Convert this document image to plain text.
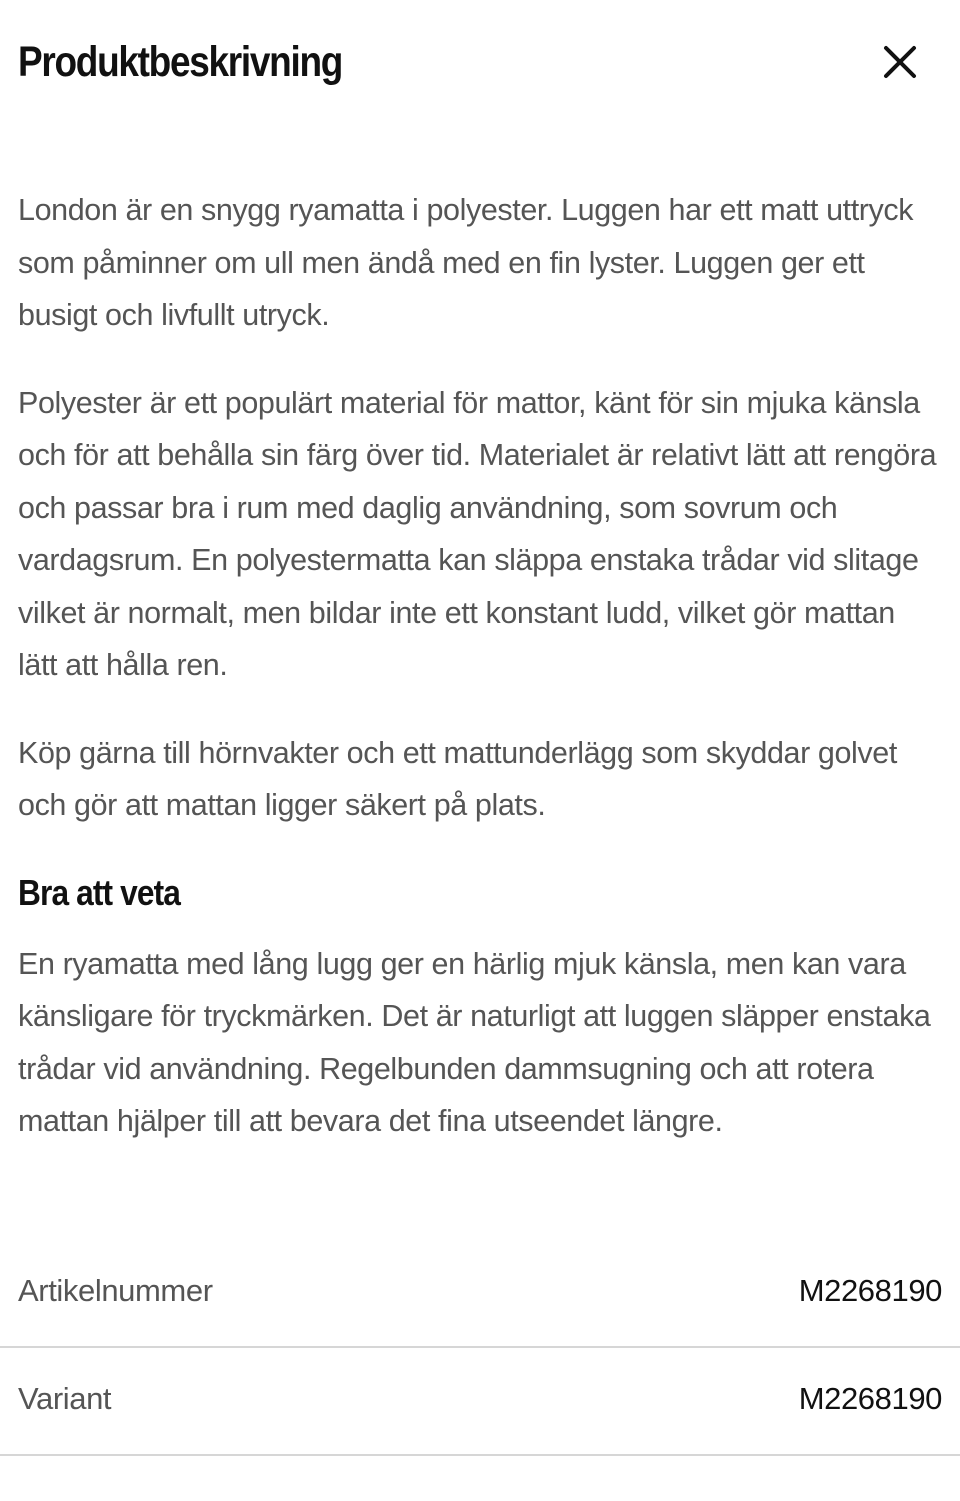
Produktbeskrivning

London är en snygg ryamatta i polyester. Luggen har ett matt uttryck som påminner om ull men ändå med en fin lyster. Luggen ger ett busigt och livfullt utryck.

Polyester är ett populärt material för mattor, känt för sin mjuka känsla och för att behålla sin färg över tid. Materialet är relativt lätt att rengöra och passar bra i rum med daglig användning, som sovrum och vardagsrum. En polyestermatta kan släppa enstaka trådar vid slitage vilket är normalt, men bildar inte ett konstant ludd, vilket gör mattan lätt att hålla ren.

Köp gärna till hörnvakter och ett mattunderlägg som skyddar golvet och gör att mattan ligger säkert på plats.

Bra att veta

En ryamatta med lång lugg ger en härlig mjuk känsla, men kan vara känsligare för tryckmärken. Det är naturligt att luggen släpper enstaka trådar vid användning. Regelbunden dammsugning och att rotera mattan hjälper till att bevara det fina utseendet längre.

Artikelnummer	M2268190
Variant	M2268190
